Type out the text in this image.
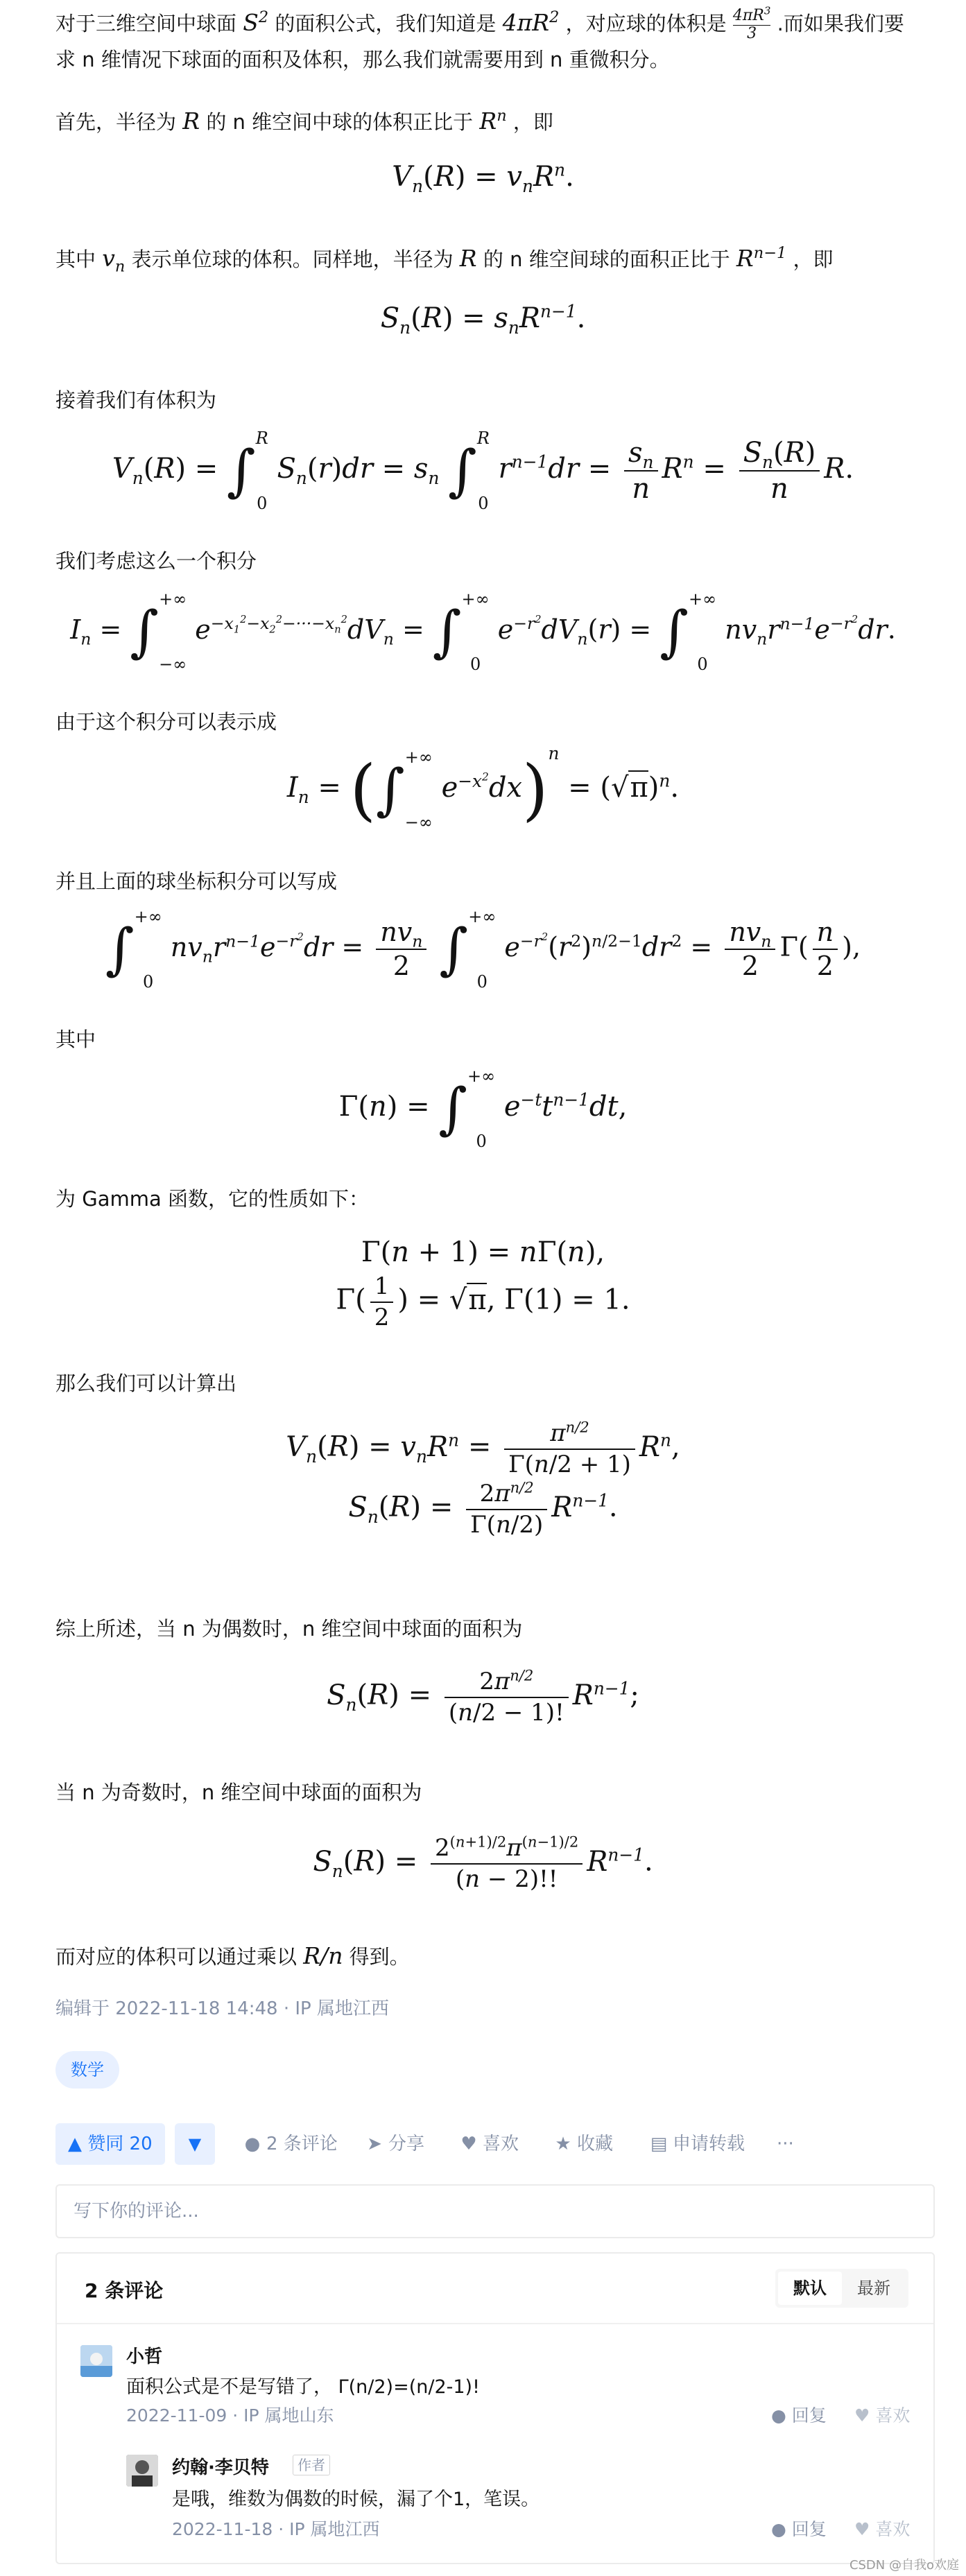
对于三维空间中球面 $S^2$ 的面积公式，我们知道是 $4\pi R^2$ ，对应球的体积是 $\frac{4\pi R^3}{3}$ .而如果我们要
求 n 维情况下球面的面积及体积，那么我们就需要用到 n 重微积分。
首先，半径为 R 的 n 维空间中球的体积正比于 $R^n$ ，即
$V_n(R) = v_nR^n$.
其中 $v_n$ 表示单位球的体积。同样地，半径为 R 的 n 维空间球的面积正比于 $R^{n-1}$ ，即
$S_n(R) = s_nR^{n-1}$.
接着我们有体积为
$V_n(R)$ = ∫ R
0
$S_n(r)dr = s_n$ ∫ R
0
$r^{n-1}dr = \frac{s_n}{n} R^n = \frac{S_n(R)}{n} R$.
我们考虑这么一个积分
$I_n$ = ∫ +∞
−∞
$e^{-x_1^2-x_2^2-\cdot\cdot\cdot-x_n^2}dV_n$ = ∫ +∞
0
$e^{-r^2}dV_n(r)$ = ∫ +∞
0
$nv_nr^{n-1}e^{-r^2}dr$.
由于这个积分可以表示成
$I_n$ = (∫ +∞
−∞
$e^{-x^2}dx)^n = (√\pi)^n$.
并且上面的球坐标积分可以写成
∫ +∞
0
$nv_nr^{n-1}e^{-r^2}dr = \frac{nv_n}{2}$ ∫ +∞
0
$e^{-r^2}(r^2)^{n/2-1}dr^2 = \frac{nv_n}{2} \Gamma( \frac{n}{2}$ ),
其中
Γ(n) = ∫ +∞
0
$e^{-t}t^{n-1}dt$,
为 Gamma 函数，它的性质如下：
Γ(n + 1) = nΓ(n),
$\Gamma( \frac{1}{2}$ ) = √π, Γ(1) = 1.
那么我们可以计算出
$V_n(R) = v_nR^n = \frac{\pi^{n/2}}{\Gamma(n/2 + 1)} R^n$,
$S_n(R) = \frac{2\pi^{n/2}}{\Gamma(n/2)} R^{n-1}$.
综上所述，当 n 为偶数时，n 维空间中球面的面积为
$S_n(R) = \frac{2\pi^{n/2}}{(n/2 - 1)!} R^{n-1}$;
当 n 为奇数时，n 维空间中球面的面积为
$S_n(R) = \frac{2^{(n+1)/2}\pi^{(n-1)/2}}{(n - 2)!!} R^{n-1}$.
而对应的体积可以通过乘以 R/n 得到。
编辑于 2022-11-18 14:48 · IP 属地江西
数学
▲ 赞同 20	▼	● 2 条评论 ➤ 分享 ♥ 喜欢 ★ 收藏 ▤ 申请转载 ···
写下你的评论...
2 条评论	默认 最新
小哲
面积公式是不是写错了， Γ(n/2)=(n/2-1)!
2022-11-09 · IP 属地山东	● 回复 ♥ 喜欢
约翰·李贝特	作者
是哦，维数为偶数的时候，漏了个1，笔误。
2022-11-18 · IP 属地江西	● 回复 ♥ 喜欢
CSDN @自我o欢庭
